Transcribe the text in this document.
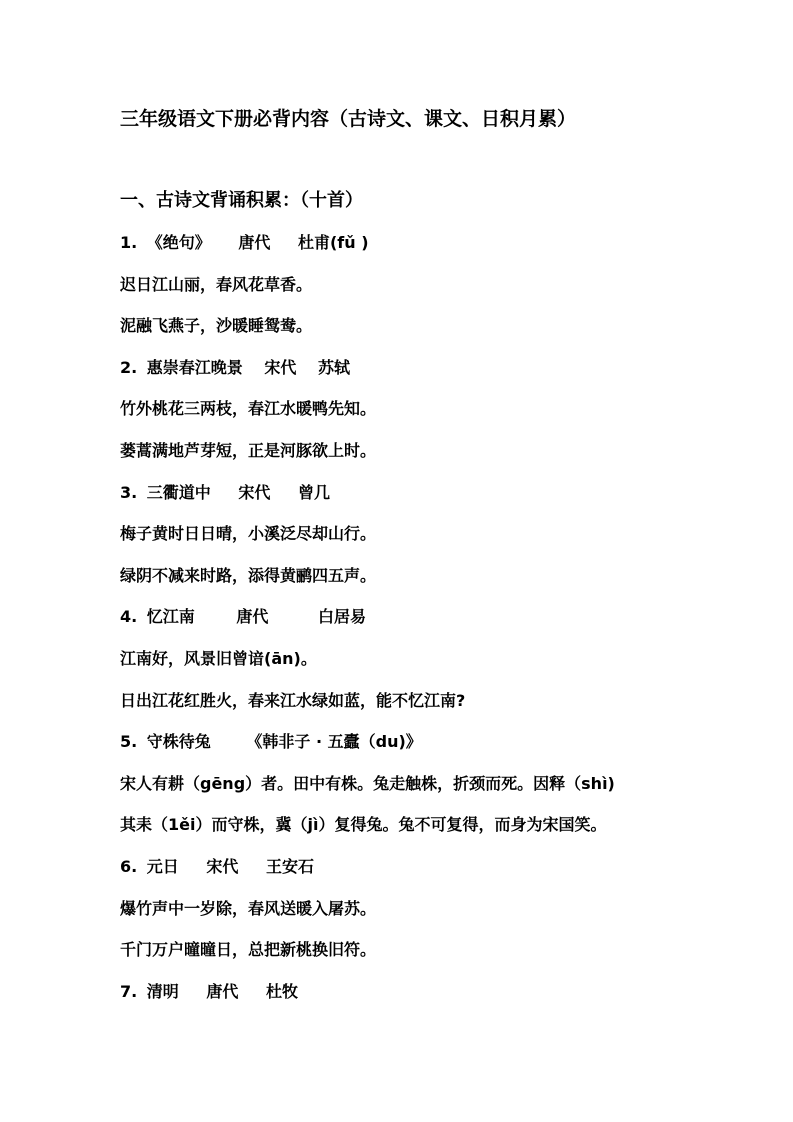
三年级语文下册必背内容（古诗文、课文、日积月累）
一、古诗文背诵积累：（十首）
1. 《绝句》 唐代 杜甫(fǔ )
迟日江山丽，春风花草香。
泥融飞燕子，沙暖睡鸳鸯。
2. 惠崇春江晚景 宋代 苏轼
竹外桃花三两枝，春江水暖鸭先知。
蒌蒿满地芦芽短，正是河豚欲上时。
3. 三衢道中 宋代 曾几
梅子黄时日日晴，小溪泛尽却山行。
绿阴不减来时路，添得黄鹂四五声。
4. 忆江南	唐代	白居易
江南好，风景旧曾谙(ān)。
日出江花红胜火，春来江水绿如蓝，能不忆江南?
5. 守株待兔 《韩非子 · 五蠹（du)》
宋人有耕（gēng）者。田中有株。兔走触株，折颈而死。因释（shì)
其耒（1ěi）而守株，冀（jì）复得兔。兔不可复得，而身为宋国笑。
6. 元日 宋代 王安石
爆竹声中一岁除，春风送暖入屠苏。
千门万户曈曈日，总把新桃换旧符。
7. 清明 唐代 杜牧
